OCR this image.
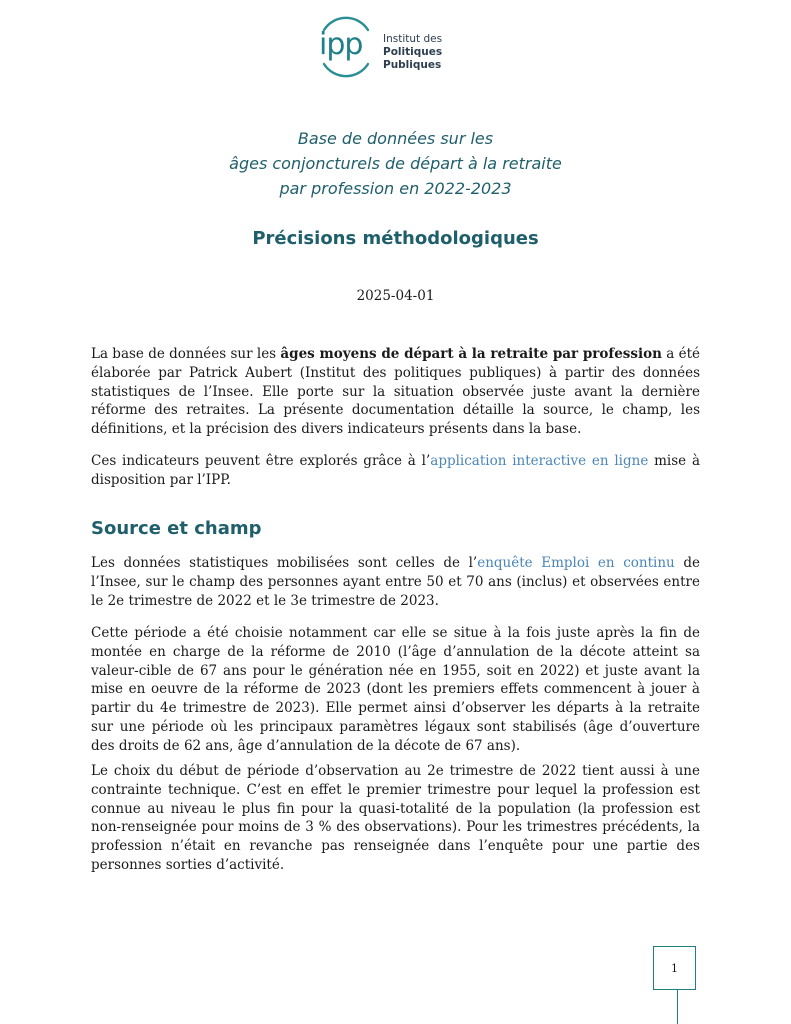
ipp Institut des
Politiques Publiques
Base de données sur les
âges conjoncturels de départ à la retraite
par profession en 2022-2023
Précisions méthodologiques
2025-04-01

La base de données sur les âges moyens de départ à la retraite par profession a été élaborée par Patrick Aubert (Institut des politiques publiques) à partir des données statistiques de l’Insee. Elle porte sur la situation observée juste avant la dernière réforme des retraites. La présente documentation détaille la source, le champ, les définitions, et la précision des divers indicateurs présents dans la base.

Ces indicateurs peuvent être explorés grâce à l’application interactive en ligne mise à disposition par l’IPP.

Source et champ

Les données statistiques mobilisées sont celles de l’enquête Emploi en continu de l’Insee, sur le champ des personnes ayant entre 50 et 70 ans (inclus) et observées entre le 2e trimestre de 2022 et le 3e trimestre de 2023.

Cette période a été choisie notamment car elle se situe à la fois juste après la fin de montée en charge de la réforme de 2010 (l’âge d’annulation de la décote atteint sa valeur-cible de 67 ans pour le génération née en 1955, soit en 2022) et juste avant la mise en oeuvre de la réforme de 2023 (dont les premiers effets commencent à jouer à partir du 4e trimestre de 2023). Elle permet ainsi d’observer les départs à la retraite sur une période où les principaux paramètres légaux sont stabilisés (âge d’ouverture des droits de 62 ans, âge d’annulation de la décote de 67 ans).

Le choix du début de période d’observation au 2e trimestre de 2022 tient aussi à une contrainte technique. C’est en effet le premier trimestre pour lequel la profession est connue au niveau le plus fin pour la quasi-totalité de la population (la profession est non-renseignée pour moins de 3 % des observations). Pour les trimestres précédents, la profession n’était en revanche pas renseignée dans l’enquête pour une partie des personnes sorties d’activité.

1
